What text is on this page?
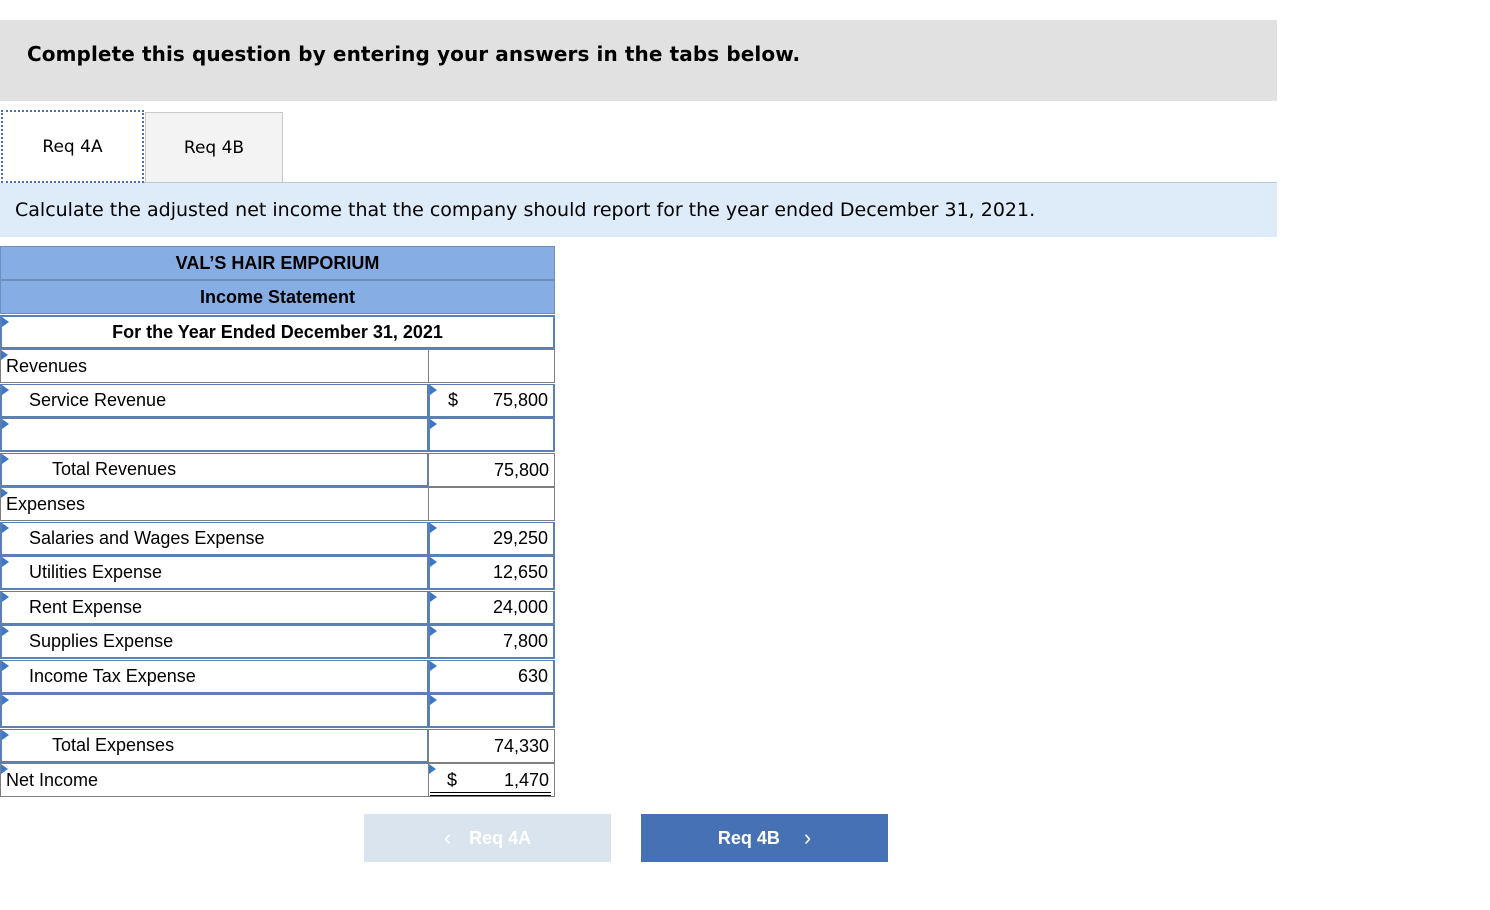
Complete this question by entering your answers in the tabs below.
Req 4A	Req 4B
Calculate the adjusted net income that the company should report for the year ended December 31, 2021.
VAL’S HAIR EMPORIUM
Income Statement
For the Year Ended December 31, 2021
Revenues
Service Revenue	$ 75,800
Total Revenues	75,800
Expenses
Salaries and Wages Expense	29,250
Utilities Expense	12,650
Rent Expense	24,000
Supplies Expense	7,800
Income Tax Expense	630
Total Expenses	74,330
Net Income	$	1,470
‹ Req 4A	Req 4B ›
